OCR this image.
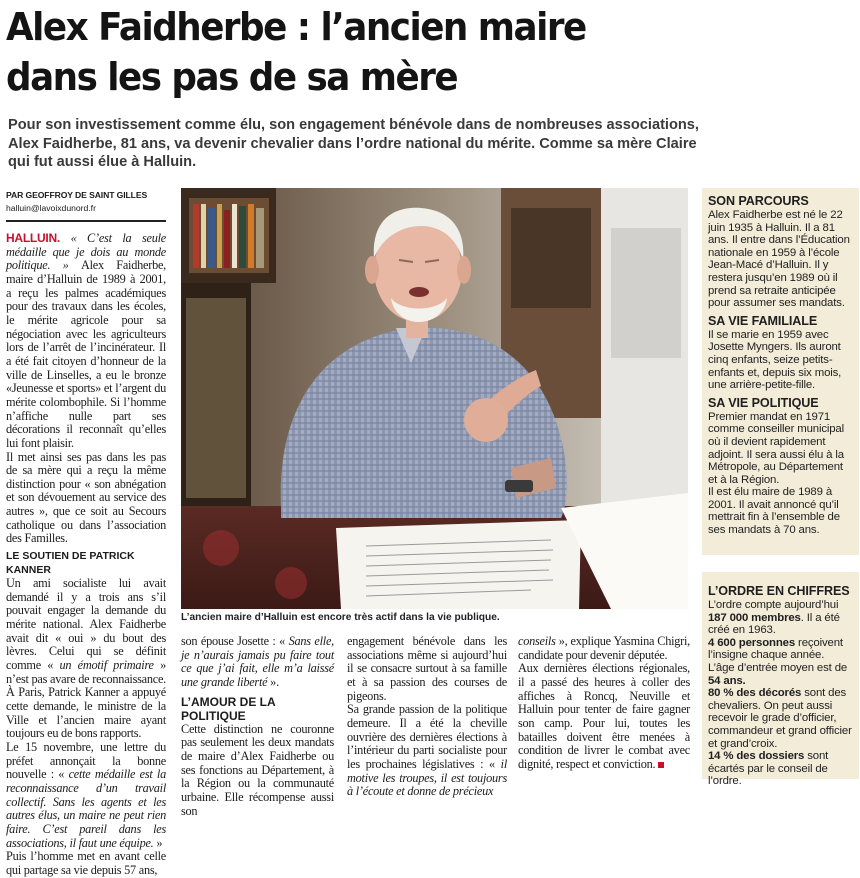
Alex Faidherbe : l’ancien maire
dans les pas de sa mère
Pour son investissement comme élu, son engagement bénévole dans de nombreuses associations,
Alex Faidherbe, 81 ans, va devenir chevalier dans l’ordre national du mérite. Comme sa mère Claire
qui fut aussi élue à Halluin.
PAR GEOFFROY DE SAINT GILLES
halluin@lavoixdunord.fr

HALLUIN. « C’est la seule médaille que je dois au monde politique. » Alex Faidherbe, maire d’Halluin de 1989 à 2001, a reçu les palmes académiques pour des travaux dans les écoles, le mérite agricole pour sa négociation avec les agriculteurs lors de l’arrêt de l’incinérateur. Il a été fait citoyen d’honneur de la ville de Linselles, a eu le bronze «Jeunesse et sports» et l’argent du mérite colombophile. Si l’homme n’affiche nulle part ses décorations il reconnaît qu’elles lui font plaisir.

Il met ainsi ses pas dans les pas de sa mère qui a reçu la même distinction pour « son abnégation et son dévouement au service des autres », que ce soit au Secours catholique ou dans l’association des Familles.

LE SOUTIEN DE PATRICK KANNER

Un ami socialiste lui avait demandé il y a trois ans s’il pouvait engager la demande du mérite national. Alex Faidherbe avait dit « oui » du bout des lèvres. Celui qui se définit comme « un émotif primaire » n’est pas avare de reconnaissance. À Paris, Patrick Kanner a appuyé cette demande, le ministre de la Ville et l’ancien maire ayant toujours eu de bons rapports.

Le 15 novembre, une lettre du préfet annonçait la bonne nouvelle : « cette médaille est la reconnaissance d’un travail collectif. Sans les agents et les autres élus, un maire ne peut rien faire. C’est pareil dans les associations, il faut une équipe. »

Puis l’homme met en avant celle qui partage sa vie depuis 57 ans,

L’ancien maire d’Halluin est encore très actif dans la vie publique.

son épouse Josette : « Sans elle, je n’aurais jamais pu faire tout ce que j’ai fait, elle m’a laissé une grande liberté ».

L’AMOUR DE LA POLITIQUE

Cette distinction ne couronne pas seulement les deux mandats de maire d’Alex Faidherbe ou ses fonctions au Département, à la Région ou la communauté urbaine. Elle récompense aussi son

engagement bénévole dans les associations même si aujourd’hui il se consacre surtout à sa famille et à sa passion des courses de pigeons.

Sa grande passion de la politique demeure. Il a été la cheville ouvrière des dernières élections à l’intérieur du parti socialiste pour les prochaines législatives : « il motive les troupes, il est toujours à l’écoute et donne de précieux

conseils », explique Yasmina Chigri, candidate pour devenir députée.

Aux dernières élections régionales, il a passé des heures à coller des affiches à Roncq, Neuville et Halluin pour tenter de faire gagner son camp. Pour lui, toutes les batailles doivent être menées à condition de livrer le combat avec dignité, respect et conviction.

SON PARCOURS
Alex Faidherbe est né le 22 juin 1935 à Halluin. Il a 81 ans. Il entre dans l’Éducation nationale en 1959 à l’école Jean-Macé d’Halluin. Il y restera jusqu’en 1989 où il prend sa retraite anticipée pour assumer ses mandats.
SA VIE FAMILIALE
Il se marie en 1959 avec Josette Myngers. Ils auront cinq enfants, seize petits-enfants et, depuis six mois, une arrière-petite-fille.
SA VIE POLITIQUE
Premier mandat en 1971 comme conseiller municipal où il devient rapidement adjoint. Il sera aussi élu à la Métropole, au Département et à la Région.
Il est élu maire de 1989 à 2001. Il avait annoncé qu’il mettrait fin à l’ensemble de ses mandats à 70 ans.
L’ORDRE EN CHIFFRES
L’ordre compte aujourd’hui 187 000 membres. Il a été créé en 1963.
4 600 personnes reçoivent l’insigne chaque année.
L’âge d’entrée moyen est de 54 ans.
80 % des décorés sont des chevaliers. On peut aussi recevoir le grade d’officier, commandeur et grand officier et grand’croix.
14 % des dossiers sont écartés par le conseil de l’ordre.
